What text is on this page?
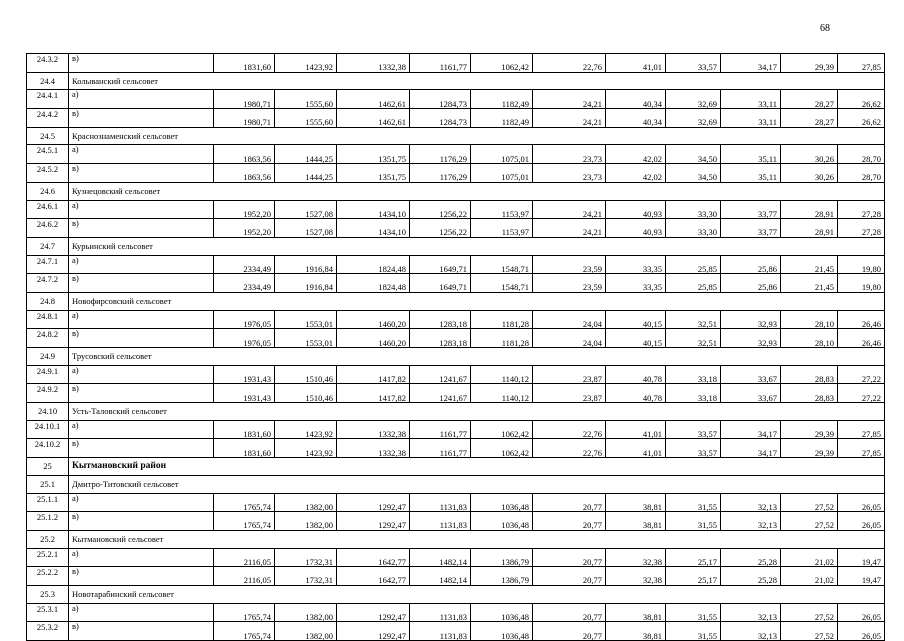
68
24.3.2	в)	1831,60	1423,92	1332,38	1161,77	1062,42	22,76	41,01	33,57	34,17	29,39	27,85
24.4	Колыванский сельсовет											
24.4.1	а)	1980,71	1555,60	1462,61	1284,73	1182,49	24,21	40,34	32,69	33,11	28,27	26,62
24.4.2	в)	1980,71	1555,60	1462,61	1284,73	1182,49	24,21	40,34	32,69	33,11	28,27	26,62
24.5	Краснознаменский сельсовет											
24.5.1	а)	1863,56	1444,25	1351,75	1176,29	1075,01	23,73	42,02	34,50	35,11	30,26	28,70
24.5.2	в)	1863,56	1444,25	1351,75	1176,29	1075,01	23,73	42,02	34,50	35,11	30,26	28,70
24.6	Кузнецовский сельсовет											
24.6.1	а)	1952,20	1527,08	1434,10	1256,22	1153,97	24,21	40,93	33,30	33,77	28,91	27,28
24.6.2	в)	1952,20	1527,08	1434,10	1256,22	1153,97	24,21	40,93	33,30	33,77	28,91	27,28
24.7	Курьинский сельсовет											
24.7.1	а)	2334,49	1916,84	1824,48	1649,71	1548,71	23,59	33,35	25,85	25,86	21,45	19,80
24.7.2	в)	2334,49	1916,84	1824,48	1649,71	1548,71	23,59	33,35	25,85	25,86	21,45	19,80
24.8	Новофирсовский сельсовет											
24.8.1	а)	1976,05	1553,01	1460,20	1283,18	1181,28	24,04	40,15	32,51	32,93	28,10	26,46
24.8.2	в)	1976,05	1553,01	1460,20	1283,18	1181,28	24,04	40,15	32,51	32,93	28,10	26,46
24.9	Трусовский сельсовет											
24.9.1	а)	1931,43	1510,46	1417,82	1241,67	1140,12	23,87	40,78	33,18	33,67	28,83	27,22
24.9.2	в)	1931,43	1510,46	1417,82	1241,67	1140,12	23,87	40,78	33,18	33,67	28,83	27,22
24.10	Усть-Таловский сельсовет											
24.10.1	а)	1831,60	1423,92	1332,38	1161,77	1062,42	22,76	41,01	33,57	34,17	29,39	27,85
24.10.2	в)	1831,60	1423,92	1332,38	1161,77	1062,42	22,76	41,01	33,57	34,17	29,39	27,85
25	Кытмановский район											
25.1	Дмитро-Титовский сельсовет											
25.1.1	а)	1765,74	1382,00	1292,47	1131,83	1036,48	20,77	38,81	31,55	32,13	27,52	26,05
25.1.2	в)	1765,74	1382,00	1292,47	1131,83	1036,48	20,77	38,81	31,55	32,13	27,52	26,05
25.2	Кытмановский сельсовет											
25.2.1	а)	2116,05	1732,31	1642,77	1482,14	1386,79	20,77	32,38	25,17	25,28	21,02	19,47
25.2.2	в)	2116,05	1732,31	1642,77	1482,14	1386,79	20,77	32,38	25,17	25,28	21,02	19,47
25.3	Новотарабинский сельсовет											
25.3.1	а)	1765,74	1382,00	1292,47	1131,83	1036,48	20,77	38,81	31,55	32,13	27,52	26,05
25.3.2	в)	1765,74	1382,00	1292,47	1131,83	1036,48	20,77	38,81	31,55	32,13	27,52	26,05
